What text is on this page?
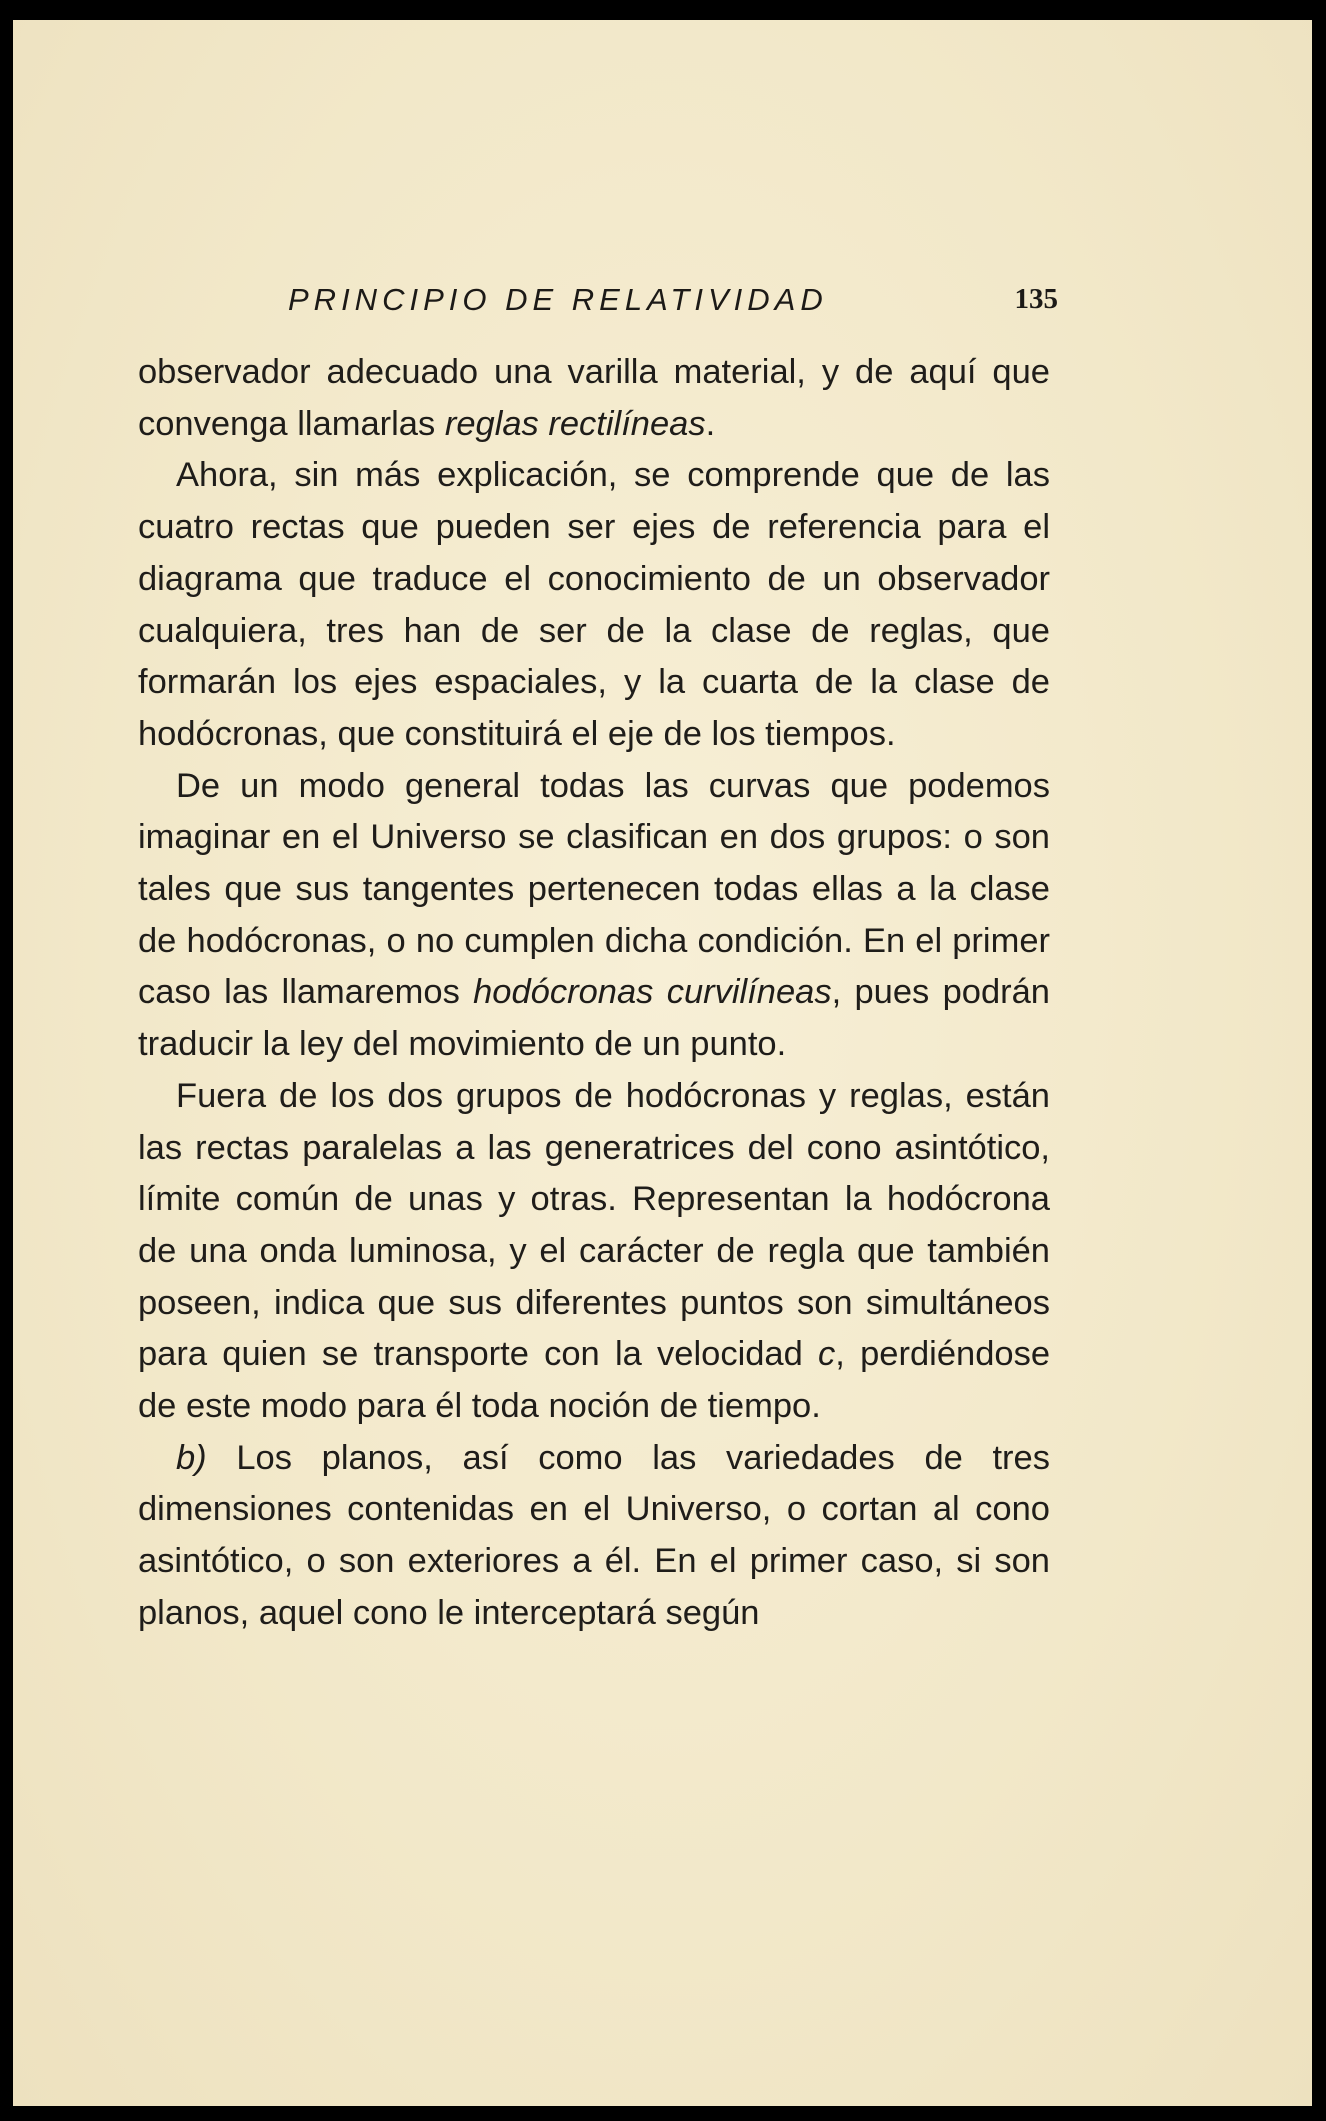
PRINCIPIO DE RELATIVIDAD	135

observador adecuado una varilla material, y de aquí que convenga llamarlas reglas rectilíneas.

Ahora, sin más explicación, se comprende que de las cuatro rectas que pueden ser ejes de referencia para el diagrama que traduce el conocimiento de un observador cualquiera, tres han de ser de la clase de reglas, que formarán los ejes espaciales, y la cuarta de la clase de hodócronas, que constituirá el eje de los tiempos.

De un modo general todas las curvas que podemos imaginar en el Universo se clasifican en dos grupos: o son tales que sus tangentes pertenecen todas ellas a la clase de hodócronas, o no cumplen dicha condición. En el primer caso las llamaremos hodócronas curvilíneas, pues podrán traducir la ley del movimiento de un punto.

Fuera de los dos grupos de hodócronas y reglas, están las rectas paralelas a las generatrices del cono asintótico, límite común de unas y otras. Representan la hodócrona de una onda luminosa, y el carácter de regla que también poseen, indica que sus diferentes puntos son simultáneos para quien se transporte con la velocidad c, perdiéndose de este modo para él toda noción de tiempo.

b) Los planos, así como las variedades de tres dimensiones contenidas en el Universo, o cortan al cono asintótico, o son exteriores a él. En el primer caso, si son planos, aquel cono le interceptará según
